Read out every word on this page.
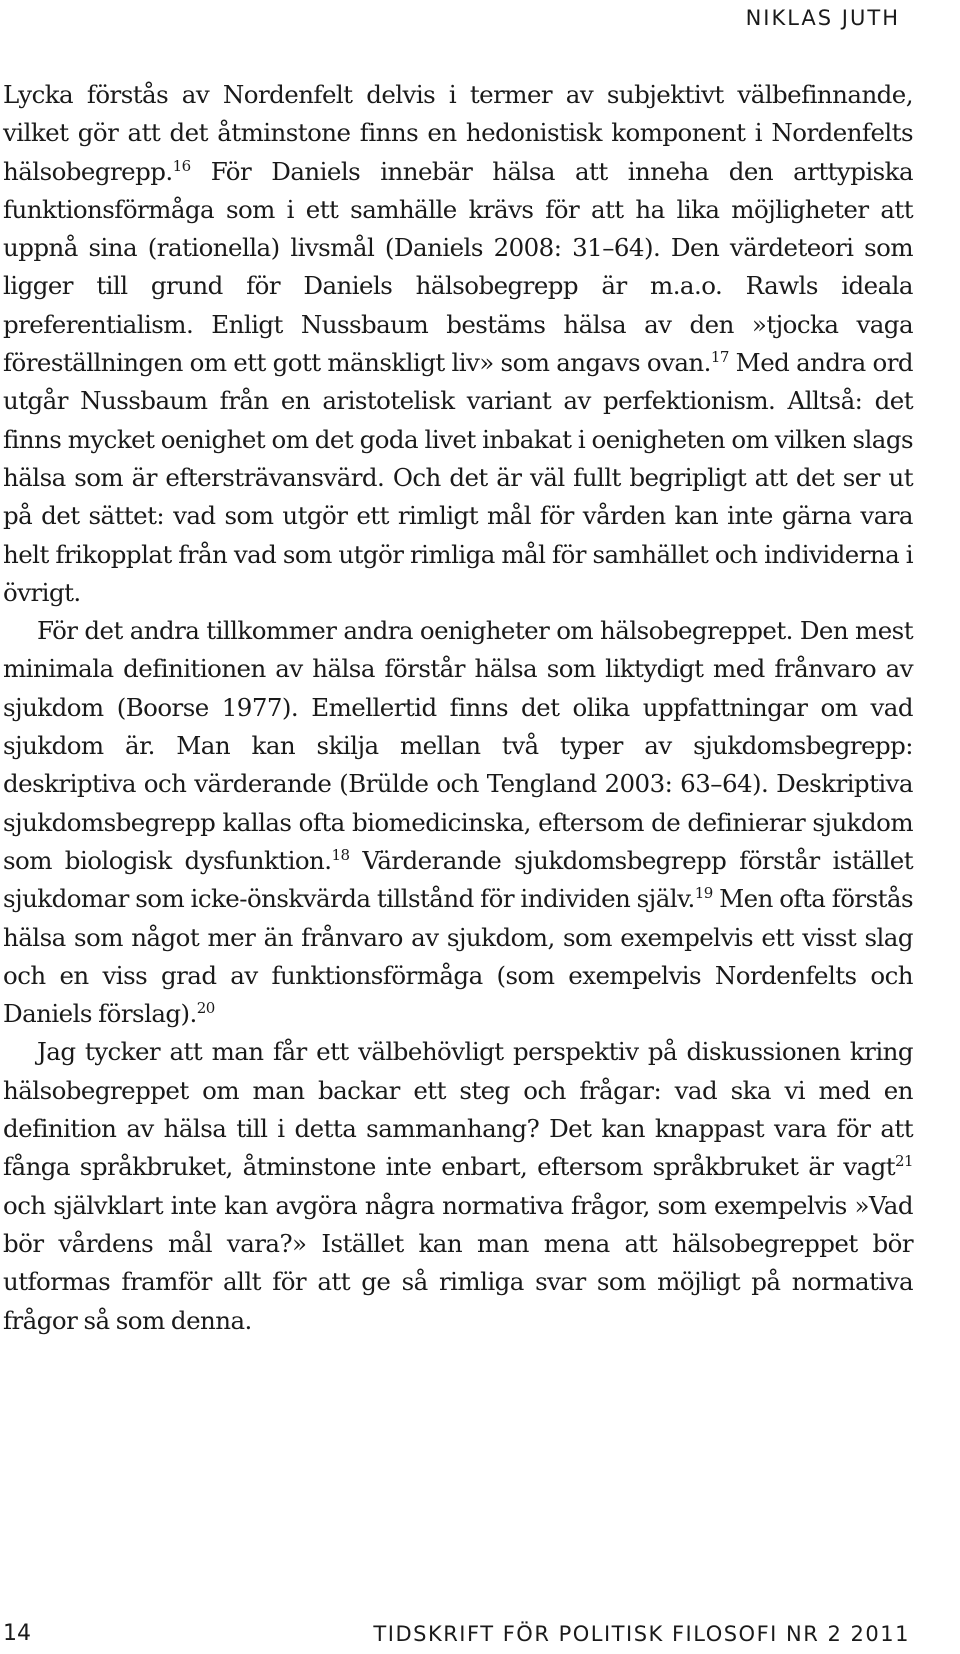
NIKLAS JUTH

Lycka förstås av Nordenfelt delvis i termer av subjektivt välbefinnande, vilket gör att det åtminstone finns en hedonistisk komponent i Nordenfelts hälsobegrepp.$^{16}$ För Daniels innebär hälsa att inneha den arttypiska funktionsförmåga som i ett samhälle krävs för att ha lika möjligheter att uppnå sina (rationella) livsmål (Daniels 2008: 31–64). Den värdeteori som ligger till grund för Daniels hälsobegrepp är m.a.o. Rawls ideala preferentialism. Enligt Nussbaum bestäms hälsa av den »tjocka vaga föreställningen om ett gott mänskligt liv» som angavs ovan.$^{17}$ Med andra ord utgår Nussbaum från en aristotelisk variant av perfektionism. Alltså: det finns mycket oenighet om det goda livet inbakat i oenigheten om vilken slags hälsa som är eftersträvansvärd. Och det är väl fullt begripligt att det ser ut på det sättet: vad som utgör ett rimligt mål för vården kan inte gärna vara helt frikopplat från vad som utgör rimliga mål för samhället och individerna i övrigt.

För det andra tillkommer andra oenigheter om hälsobegreppet. Den mest minimala definitionen av hälsa förstår hälsa som liktydigt med frånvaro av sjukdom (Boorse 1977). Emellertid finns det olika uppfattningar om vad sjukdom är. Man kan skilja mellan två typer av sjukdomsbegrepp: deskriptiva och värderande (Brülde och Tengland 2003: 63–64). Deskriptiva sjukdomsbegrepp kallas ofta biomedicinska, eftersom de definierar sjukdom som biologisk dysfunktion.$^{18}$ Värderande sjukdomsbegrepp förstår istället sjukdomar som icke-önskvärda tillstånd för individen själv.$^{19}$ Men ofta förstås hälsa som något mer än frånvaro av sjukdom, som exempelvis ett visst slag och en viss grad av funktionsförmåga (som exempelvis Nordenfelts och Daniels förslag).$^{20}$

Jag tycker att man får ett välbehövligt perspektiv på diskussionen kring hälsobegreppet om man backar ett steg och frågar: vad ska vi med en definition av hälsa till i detta sammanhang? Det kan knappast vara för att fånga språkbruket, åtminstone inte enbart, eftersom språkbruket är vagt$^{21}$ och självklart inte kan avgöra några normativa frågor, som exempelvis »Vad bör vårdens mål vara?» Istället kan man mena att hälsobegreppet bör utformas framför allt för att ge så rimliga svar som möjligt på normativa frågor så som denna.

14	TIDSKRIFT FÖR POLITISK FILOSOFI NR 2 2011
